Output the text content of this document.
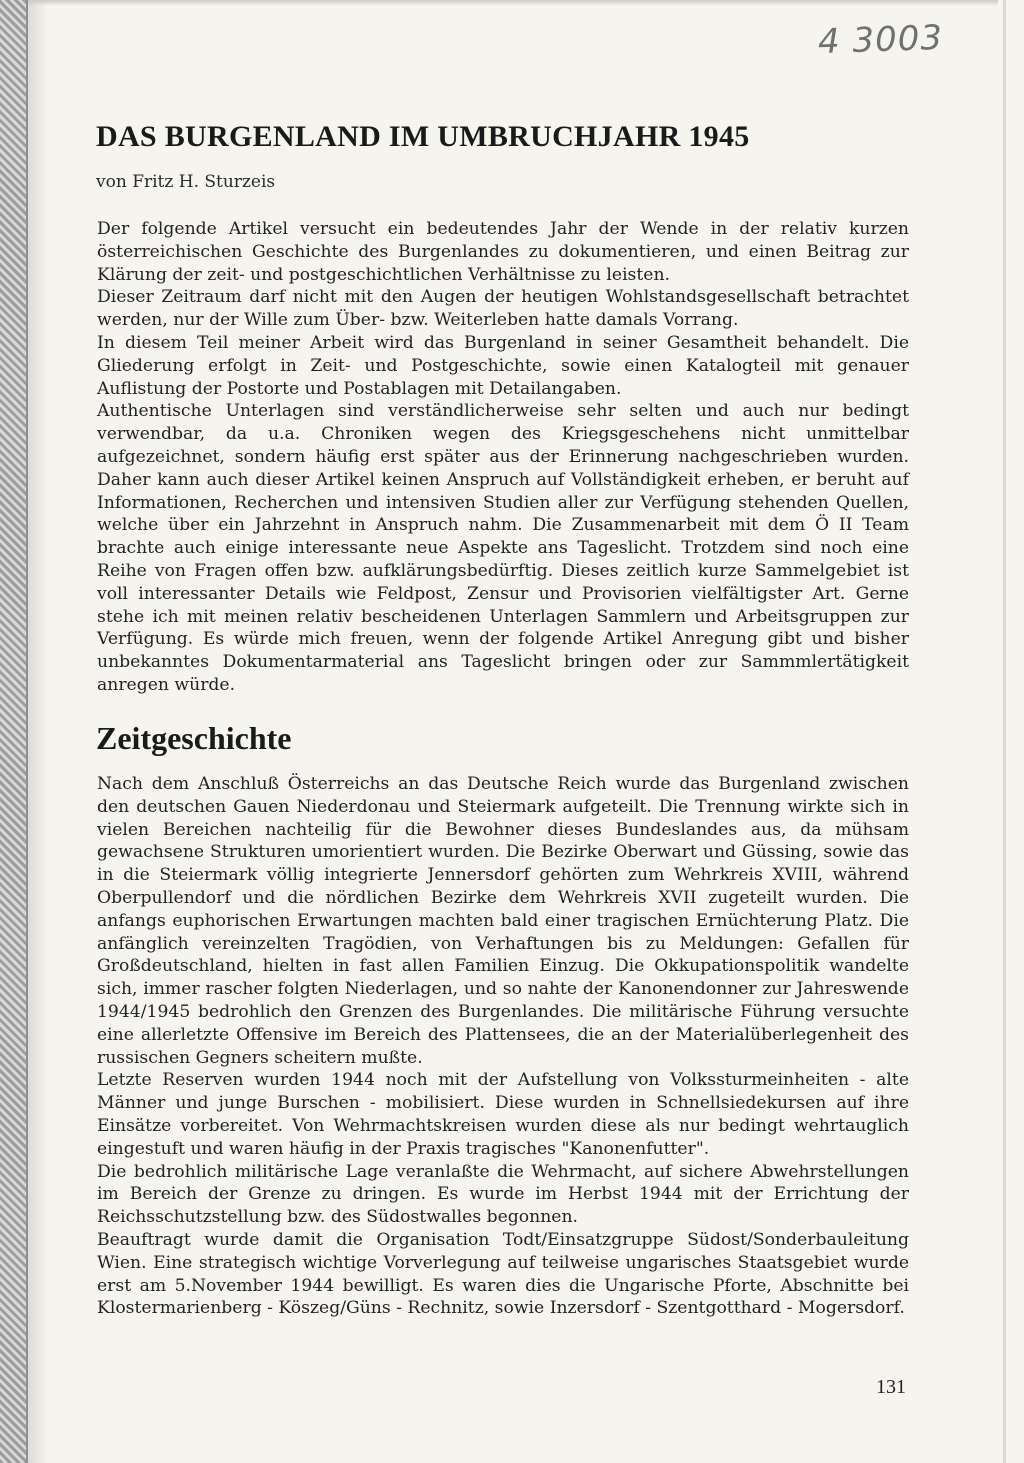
4 3003
DAS BURGENLAND IM UMBRUCHJAHR 1945

von Fritz H. Sturzeis

Der folgende Artikel versucht ein bedeutendes Jahr der Wende in der relativ kurzen österreichischen Geschichte des Burgenlandes zu dokumentieren, und einen Beitrag zur Klärung der zeit- und postgeschichtlichen Verhältnisse zu leisten.

Dieser Zeitraum darf nicht mit den Augen der heutigen Wohlstandsgesellschaft betrachtet werden, nur der Wille zum Über- bzw. Weiterleben hatte damals Vorrang.

In diesem Teil meiner Arbeit wird das Burgenland in seiner Gesamtheit behandelt. Die Gliederung erfolgt in Zeit- und Postgeschichte, sowie einen Katalogteil mit genauer Auflistung der Postorte und Postablagen mit Detailangaben.

Authentische Unterlagen sind verständlicherweise sehr selten und auch nur bedingt verwendbar, da u.a. Chroniken wegen des Kriegsgeschehens nicht unmittelbar aufgezeichnet, sondern häufig erst später aus der Erinnerung nachgeschrieben wurden. Daher kann auch dieser Artikel keinen Anspruch auf Vollständigkeit erheben, er beruht auf Informationen, Recherchen und intensiven Studien aller zur Verfügung stehenden Quellen, welche über ein Jahrzehnt in Anspruch nahm. Die Zusammenarbeit mit dem Ö II Team brachte auch einige interessante neue Aspekte ans Tageslicht. Trotzdem sind noch eine Reihe von Fragen offen bzw. aufklärungsbedürftig. Dieses zeitlich kurze Sammelgebiet ist voll interessanter Details wie Feldpost, Zensur und Provisorien vielfältigster Art. Gerne stehe ich mit meinen relativ bescheidenen Unterlagen Sammlern und Arbeitsgruppen zur Verfügung. Es würde mich freuen, wenn der folgende Artikel Anregung gibt und bisher unbekanntes Dokumentarmaterial ans Tageslicht bringen oder zur Sammmlertätigkeit anregen würde.

Zeitgeschichte

Nach dem Anschluß Österreichs an das Deutsche Reich wurde das Burgenland zwischen den deutschen Gauen Niederdonau und Steiermark aufgeteilt. Die Trennung wirkte sich in vielen Bereichen nachteilig für die Bewohner dieses Bundeslandes aus, da mühsam gewachsene Strukturen umorientiert wurden. Die Bezirke Oberwart und Güssing, sowie das in die Steiermark völlig integrierte Jennersdorf gehörten zum Wehrkreis XVIII, während Oberpullendorf und die nördlichen Bezirke dem Wehrkreis XVII zugeteilt wurden. Die anfangs euphorischen Erwartungen machten bald einer tragischen Ernüchterung Platz. Die anfänglich vereinzelten Tragödien, von Verhaftungen bis zu Meldungen: Gefallen für Großdeutschland, hielten in fast allen Familien Einzug. Die Okkupationspolitik wandelte sich, immer rascher folgten Niederlagen, und so nahte der Kanonendonner zur Jahreswende 1944/1945 bedrohlich den Grenzen des Burgenlandes. Die militärische Führung versuchte eine allerletzte Offensive im Bereich des Plattensees, die an der Materialüberlegenheit des russischen Gegners scheitern mußte.

Letzte Reserven wurden 1944 noch mit der Aufstellung von Volkssturmeinheiten - alte Männer und junge Burschen - mobilisiert. Diese wurden in Schnellsiedekursen auf ihre Einsätze vorbereitet. Von Wehrmachtskreisen wurden diese als nur bedingt wehrtauglich eingestuft und waren häufig in der Praxis tragisches "Kanonenfutter".

Die bedrohlich militärische Lage veranlaßte die Wehrmacht, auf sichere Abwehrstellungen im Bereich der Grenze zu dringen. Es wurde im Herbst 1944 mit der Errichtung der Reichsschutzstellung bzw. des Südostwalles begonnen.

Beauftragt wurde damit die Organisation Todt/Einsatzgruppe Südost/Sonderbauleitung Wien. Eine strategisch wichtige Vorverlegung auf teilweise ungarisches Staatsgebiet wurde erst am 5.November 1944 bewilligt. Es waren dies die Ungarische Pforte, Abschnitte bei Klostermarienberg - Köszeg/Güns - Rechnitz, sowie Inzersdorf - Szentgotthard - Mogersdorf.

131
